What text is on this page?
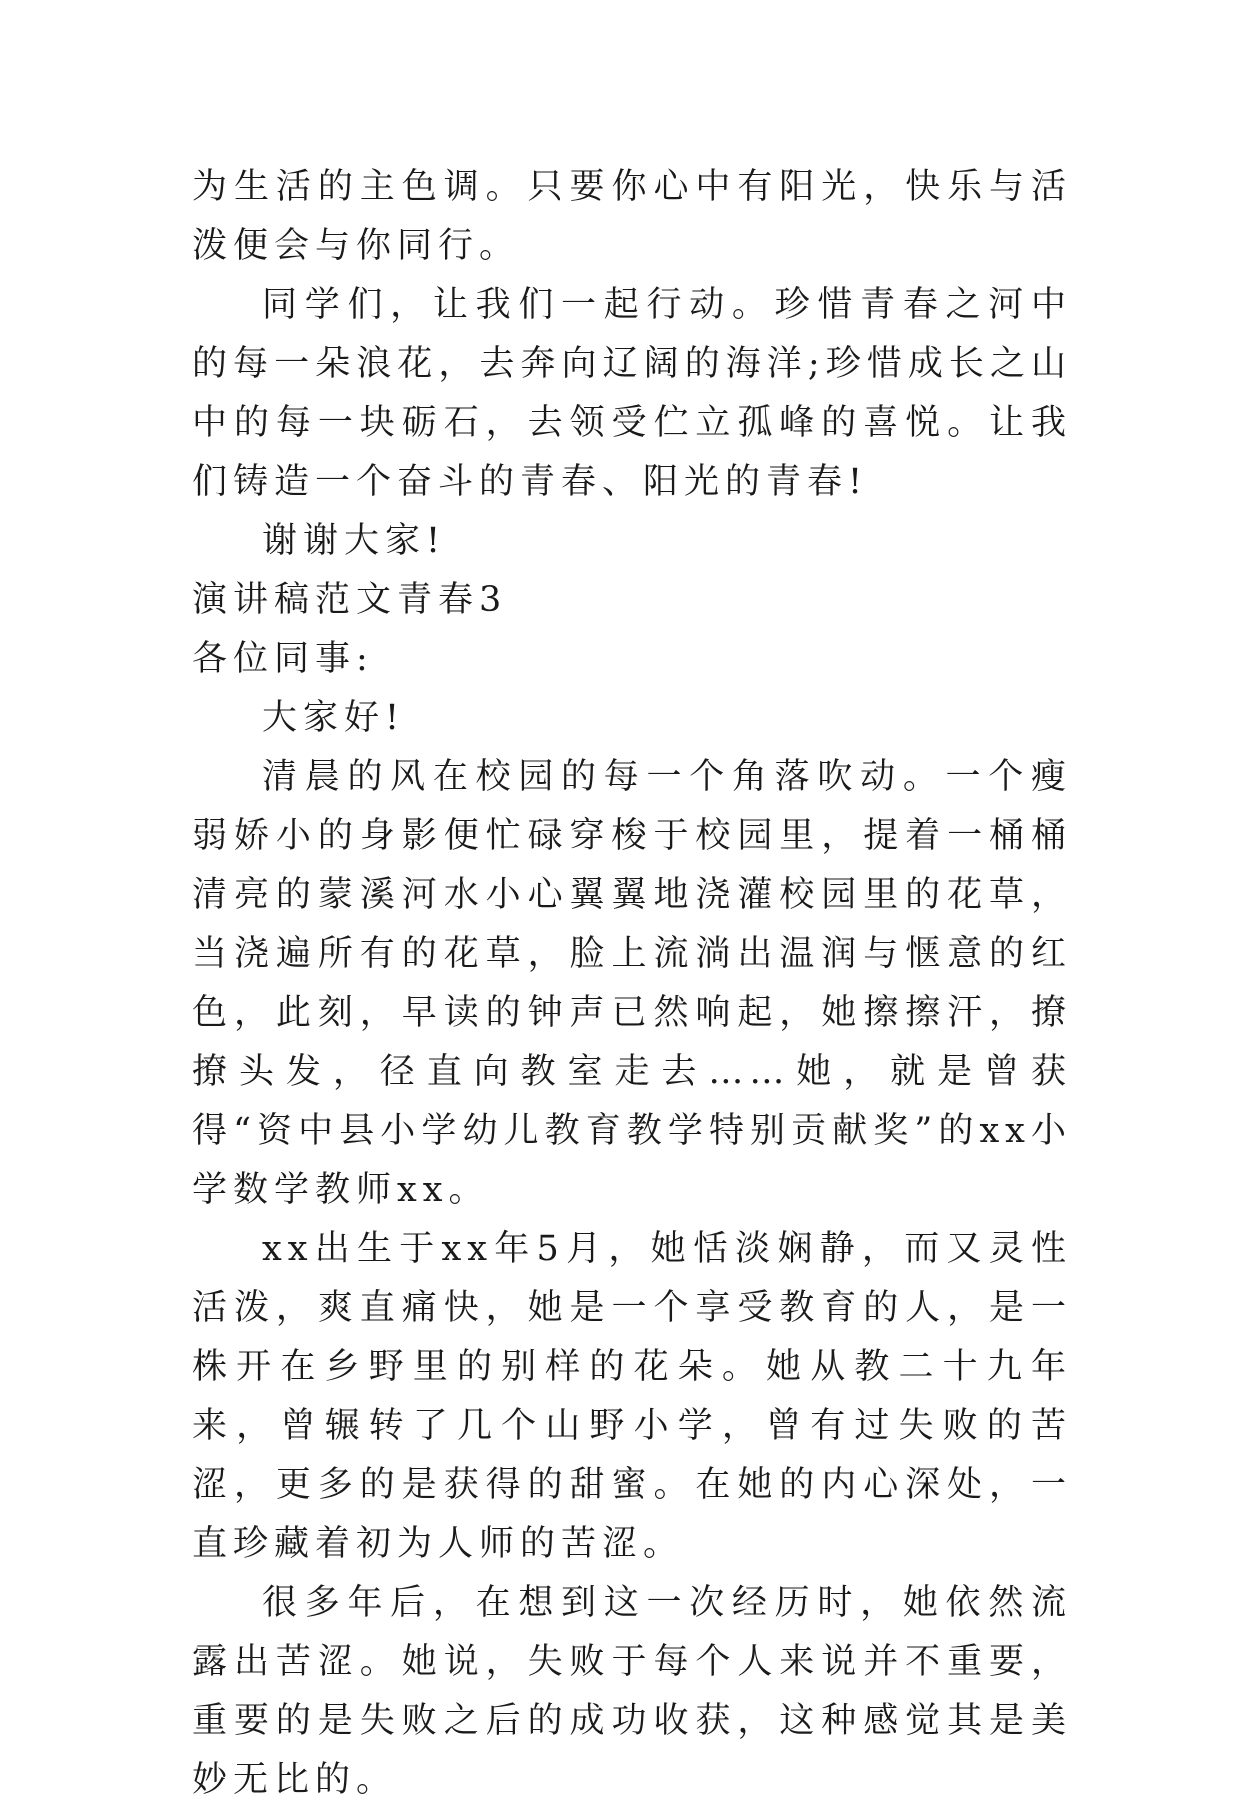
为生活的主色调。只要你心中有阳光，快乐与活泼便会与你同行。

同学们，让我们一起行动。珍惜青春之河中的每一朵浪花，去奔向辽阔的海洋;珍惜成长之山中的每一块砺石，去领受伫立孤峰的喜悦。让我们铸造一个奋斗的青春、阳光的青春!

谢谢大家!

演讲稿范文青春3

各位同事:

大家好!

清晨的风在校园的每一个角落吹动。一个瘦弱娇小的身影便忙碌穿梭于校园里，提着一桶桶清亮的蒙溪河水小心翼翼地浇灌校园里的花草，当浇遍所有的花草，脸上流淌出温润与惬意的红色，此刻，早读的钟声已然响起，她擦擦汗，撩撩头发，径直向教室走去……她，就是曾获得“资中县小学幼儿教育教学特别贡献奖”的xx小学数学教师xx。

xx出生于xx年5月，她恬淡娴静，而又灵性活泼，爽直痛快，她是一个享受教育的人，是一株开在乡野里的别样的花朵。她从教二十九年来，曾辗转了几个山野小学，曾有过失败的苦涩，更多的是获得的甜蜜。在她的内心深处，一直珍藏着初为人师的苦涩。

很多年后，在想到这一次经历时，她依然流露出苦涩。她说，失败于每个人来说并不重要，重要的是失败之后的成功收获，这种感觉其是美妙无比的。
